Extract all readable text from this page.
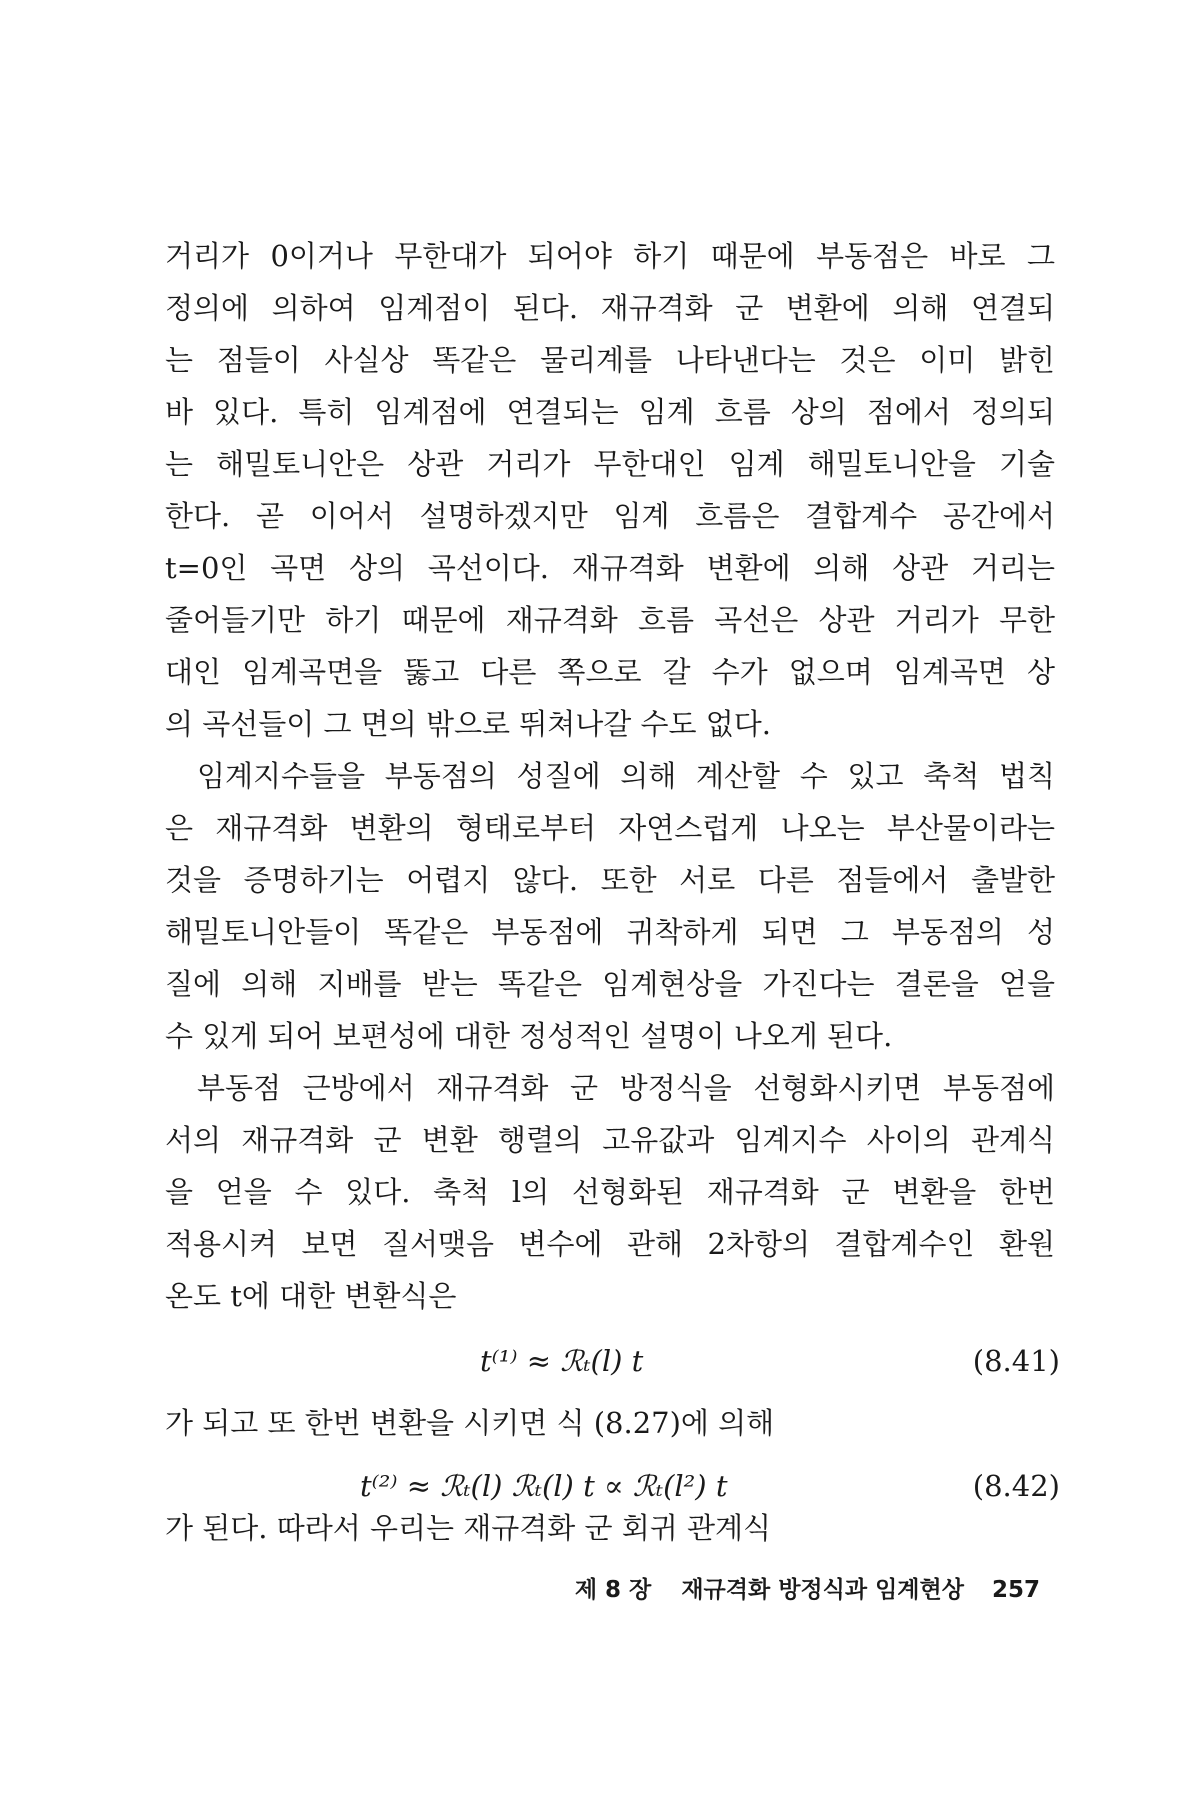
거리가 0이거나 무한대가 되어야 하기 때문에 부동점은 바로 그
정의에 의하여 임계점이 된다. 재규격화 군 변환에 의해 연결되
는 점들이 사실상 똑같은 물리계를 나타낸다는 것은 이미 밝힌
바 있다. 특히 임계점에 연결되는 임계 흐름 상의 점에서 정의되
는 해밀토니안은 상관 거리가 무한대인 임계 해밀토니안을 기술
한다. 곧 이어서 설명하겠지만 임계 흐름은 결합계수 공간에서
t=0인 곡면 상의 곡선이다. 재규격화 변환에 의해 상관 거리는
줄어들기만 하기 때문에 재규격화 흐름 곡선은 상관 거리가 무한
대인 임계곡면을 뚫고 다른 쪽으로 갈 수가 없으며 임계곡면 상
의 곡선들이 그 면의 밖으로 뛰쳐나갈 수도 없다.
임계지수들을 부동점의 성질에 의해 계산할 수 있고 축척 법칙
은 재규격화 변환의 형태로부터 자연스럽게 나오는 부산물이라는
것을 증명하기는 어렵지 않다. 또한 서로 다른 점들에서 출발한
해밀토니안들이 똑같은 부동점에 귀착하게 되면 그 부동점의 성
질에 의해 지배를 받는 똑같은 임계현상을 가진다는 결론을 얻을
수 있게 되어 보편성에 대한 정성적인 설명이 나오게 된다.
부동점 근방에서 재규격화 군 방정식을 선형화시키면 부동점에
서의 재규격화 군 변환 행렬의 고유값과 임계지수 사이의 관계식
을 얻을 수 있다. 축척 l의 선형화된 재규격화 군 변환을 한번
적용시켜 보면 질서맺음 변수에 관해 2차항의 결합계수인 환원
온도 t에 대한 변환식은
t⁽¹⁾ ≈ ℛₜ(l) t	(8.41)
가 되고 또 한번 변환을 시키면 식 (8.27)에 의해
t⁽²⁾ ≈ ℛₜ(l) ℛₜ(l) t ∝ ℛₜ(l²) t	(8.42)
가 된다. 따라서 우리는 재규격화 군 회귀 관계식
제 8 장 재규격화 방정식과 임계현상 257
